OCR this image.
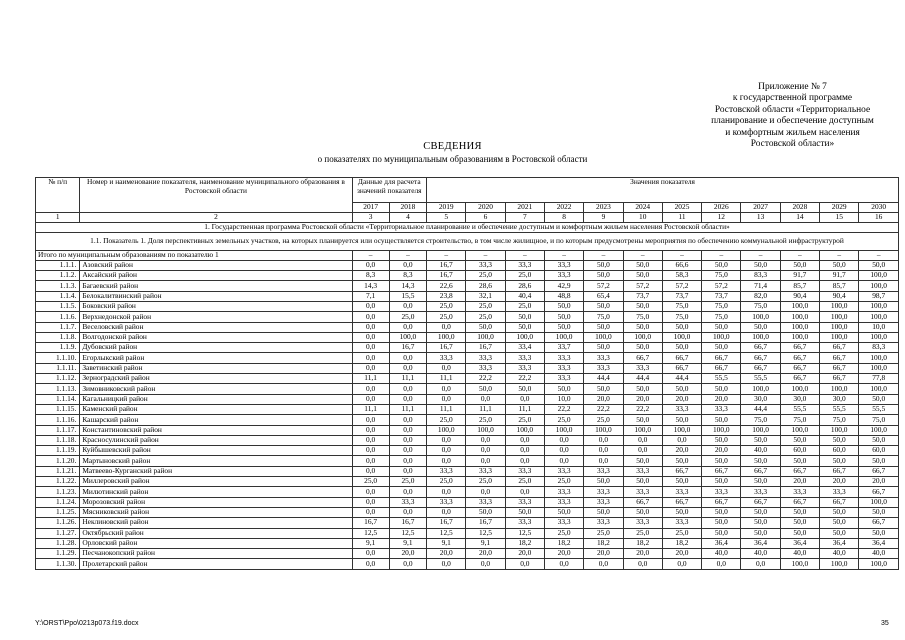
Приложение № 7
к государственной программе
Ростовской области «Территориальное
планирование и обеспечение доступным
и комфортным жильем населения
Ростовской области»
СВЕДЕНИЯ
о показателях по муниципальным образованиям в Ростовской области
№ п/п	Номер и наименование показателя, наименование муниципального образования в Ростовской области	Данные для расчета значений показателя		Значения показателя											
		2017	2018	2019	2020	2021	2022	2023	2024	2025	2026	2027	2028	2029	2030
1	2	3	4	5	6	7	8	9	10	11	12	13	14	15	16
1. Государственная программа Ростовской области «Территориальное планирование и обеспечение доступным и комфортным жильем населения Ростовской области»															
1.1. Показатель 1. Доля перспективных земельных участков, на которых планируется или осуществляется строительство, в том числе жилищное, и по которым предусмотрены мероприятия по обеспечению коммунальной инфраструктурой															
Итого по муниципальным образованиям по показателю 1		–	–	–	–	–	–	–	–	–	–	–	–	–	–
1.1.1.	Азовский район	0,0	0,0	16,7	33,3	33,3	33,3	50,0	50,0	66,6	50,0	50,0	50,0	50,0	50,0
1.1.2.	Аксайский район	8,3	8,3	16,7	25,0	25,0	33,3	50,0	50,0	58,3	75,0	83,3	91,7	91,7	100,0
1.1.3.	Багаевский район	14,3	14,3	22,6	28,6	28,6	42,9	57,2	57,2	57,2	57,2	71,4	85,7	85,7	100,0
1.1.4.	Белокалитвинский район	7,1	15,5	23,8	32,1	40,4	48,8	65,4	73,7	73,7	73,7	82,0	90,4	90,4	98,7
1.1.5.	Боковский район	0,0	0,0	25,0	25,0	25,0	50,0	50,0	50,0	75,0	75,0	75,0	100,0	100,0	100,0
1.1.6.	Верхнедонской район	0,0	25,0	25,0	25,0	50,0	50,0	75,0	75,0	75,0	75,0	100,0	100,0	100,0	100,0
1.1.7.	Веселовский район	0,0	0,0	0,0	50,0	50,0	50,0	50,0	50,0	50,0	50,0	50,0	100,0	100,0	10,0
1.1.8.	Волгодонской район	0,0	100,0	100,0	100,0	100,0	100,0	100,0	100,0	100,0	100,0	100,0	100,0	100,0	100,0
1.1.9.	Дубовский район	0,0	16,7	16,7	16,7	33,4	33,7	50,0	50,0	50,0	50,0	66,7	66,7	66,7	83,3
1.1.10.	Егорлыкский район	0,0	0,0	33,3	33,3	33,3	33,3	33,3	66,7	66,7	66,7	66,7	66,7	66,7	100,0
1.1.11.	Заветинский район	0,0	0,0	0,0	33,3	33,3	33,3	33,3	33,3	66,7	66,7	66,7	66,7	66,7	100,0
1.1.12.	Зерноградский район	11,1	11,1	11,1	22,2	22,2	33,3	44,4	44,4	44,4	55,5	55,5	66,7	66,7	77,8
1.1.13.	Зимовниковский район	0,0	0,0	0,0	50,0	50,0	50,0	50,0	50,0	50,0	50,0	100,0	100,0	100,0	100,0
1.1.14.	Кагальницкий район	0,0	0,0	0,0	0,0	0,0	10,0	20,0	20,0	20,0	20,0	30,0	30,0	30,0	50,0
1.1.15.	Каменский район	11,1	11,1	11,1	11,1	11,1	22,2	22,2	22,2	33,3	33,3	44,4	55,5	55,5	55,5
1.1.16.	Кашарский район	0,0	0,0	25,0	25,0	25,0	25,0	25,0	50,0	50,0	50,0	75,0	75,0	75,0	75,0
1.1.17.	Константиновский район	0,0	0,0	100,0	100,0	100,0	100,0	100,0	100,0	100,0	100,0	100,0	100,0	100,0	100,0
1.1.18.	Красносулинский район	0,0	0,0	0,0	0,0	0,0	0,0	0,0	0,0	0,0	50,0	50,0	50,0	50,0	50,0
1.1.19.	Куйбышевский район	0,0	0,0	0,0	0,0	0,0	0,0	0,0	0,0	20,0	20,0	40,0	60,0	60,0	60,0
1.1.20.	Мартыновский район	0,0	0,0	0,0	0,0	0,0	0,0	0,0	50,0	50,0	50,0	50,0	50,0	50,0	50,0
1.1.21.	Матвеево-Курганский район	0,0	0,0	33,3	33,3	33,3	33,3	33,3	33,3	66,7	66,7	66,7	66,7	66,7	66,7
1.1.22.	Миллеровский район	25,0	25,0	25,0	25,0	25,0	25,0	50,0	50,0	50,0	50,0	50,0	20,0	20,0	20,0
1.1.23.	Милютинский район	0,0	0,0	0,0	0,0	0,0	33,3	33,3	33,3	33,3	33,3	33,3	33,3	33,3	66,7
1.1.24.	Морозовский район	0,0	33,3	33,3	33,3	33,3	33,3	33,3	66,7	66,7	66,7	66,7	66,7	66,7	100,0
1.1.25.	Мясниковский район	0,0	0,0	0,0	50,0	50,0	50,0	50,0	50,0	50,0	50,0	50,0	50,0	50,0	50,0
1.1.26.	Неклиновский район	16,7	16,7	16,7	16,7	33,3	33,3	33,3	33,3	33,3	50,0	50,0	50,0	50,0	66,7
1.1.27.	Октябрьский район	12,5	12,5	12,5	12,5	12,5	25,0	25,0	25,0	25,0	50,0	50,0	50,0	50,0	50,0
1.1.28.	Орловский район	9,1	9,1	9,1	9,1	18,2	18,2	18,2	18,2	18,2	36,4	36,4	36,4	36,4	36,4
1.1.29.	Песчанокопский район	0,0	20,0	20,0	20,0	20,0	20,0	20,0	20,0	20,0	40,0	40,0	40,0	40,0	40,0
1.1.30.	Пролетарский район	0,0	0,0	0,0	0,0	0,0	0,0	0,0	0,0	0,0	0,0	0,0	100,0	100,0	100,0
Y:\ORST\Ppo\0213p073.f19.docx	35
